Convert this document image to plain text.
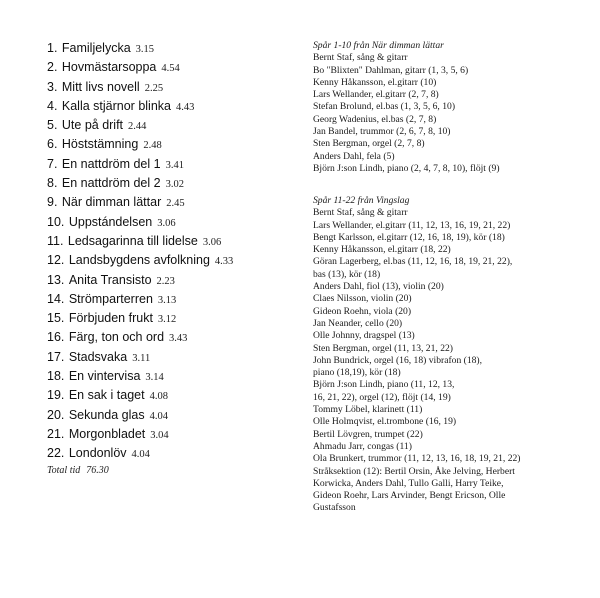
1. Familjelycka 3.15
2. Hovmästarsoppa 4.54
3. Mitt livs novell 2.25
4. Kalla stjärnor blinka 4.43
5. Ute på drift 2.44
6. Höststämning 2.48
7. En nattdröm del 1 3.41
8. En nattdröm del 2 3.02
9. När dimman lättar 2.45
10. Uppstándelsen 3.06
11. Ledsagarinna till lidelse 3.06
12. Landsbygdens avfolkning 4.33
13. Anita Transisto 2.23
14. Strömparterren 3.13
15. Förbjuden frukt 3.12
16. Färg, ton och ord 3.43
17. Stadsvaka 3.11
18. En vintervisa 3.14
19. En sak i taget 4.08
20. Sekunda glas 4.04
21. Morgonbladet 3.04
22. Londonlöv 4.04
Total tid 76.30
Spår 1-10 från När dimman lättar
Bernt Staf, sång & gitarr
Bo "Blixten" Dahlman, gitarr (1, 3, 5, 6)
Kenny Håkansson, el.gitarr (10)
Lars Wellander, el.gitarr (2, 7, 8)
Stefan Brolund, el.bas (1, 3, 5, 6, 10)
Georg Wadenius, el.bas (2, 7, 8)
Jan Bandel, trummor (2, 6, 7, 8, 10)
Sten Bergman, orgel (2, 7, 8)
Anders Dahl, fela (5)
Björn J:son Lindh, piano (2, 4, 7, 8, 10), flöjt (9)
Spår 11-22 från Vingslag
Bernt Staf, sång & gitarr
Lars Wellander, el.gitarr (11, 12, 13, 16, 19, 21, 22)
Bengt Karlsson, el.gitarr (12, 16, 18, 19), kör (18)
Kenny Håkansson, el.gitarr (18, 22)
Göran Lagerberg, el.bas (11, 12, 16, 18, 19, 21, 22),
bas (13), kör (18)
Anders Dahl, fiol (13), violin (20)
Claes Nilsson, violin (20)
Gideon Roehn, viola (20)
Jan Neander, cello (20)
Olle Johnny, dragspel (13)
Sten Bergman, orgel (11, 13, 21, 22)
John Bundrick, orgel (16, 18) vibrafon (18),
piano (18,19), kör (18)
Björn J:son Lindh, piano (11, 12, 13,
16, 21, 22), orgel (12), flöjt (14, 19)
Tommy Löbel, klarinett (11)
Olle Holmqvist, el.trombone (16, 19)
Bertil Lövgren, trumpet (22)
Ahmadu Jarr, congas (11)
Ola Brunkert, trummor (11, 12, 13, 16, 18, 19, 21, 22)
Stråksektion (12): Bertil Orsin, Åke Jelving, Herbert
Korwicka, Anders Dahl, Tullo Galli, Harry Teike,
Gideon Roehr, Lars Arvinder, Bengt Ericson, Olle
Gustafsson
